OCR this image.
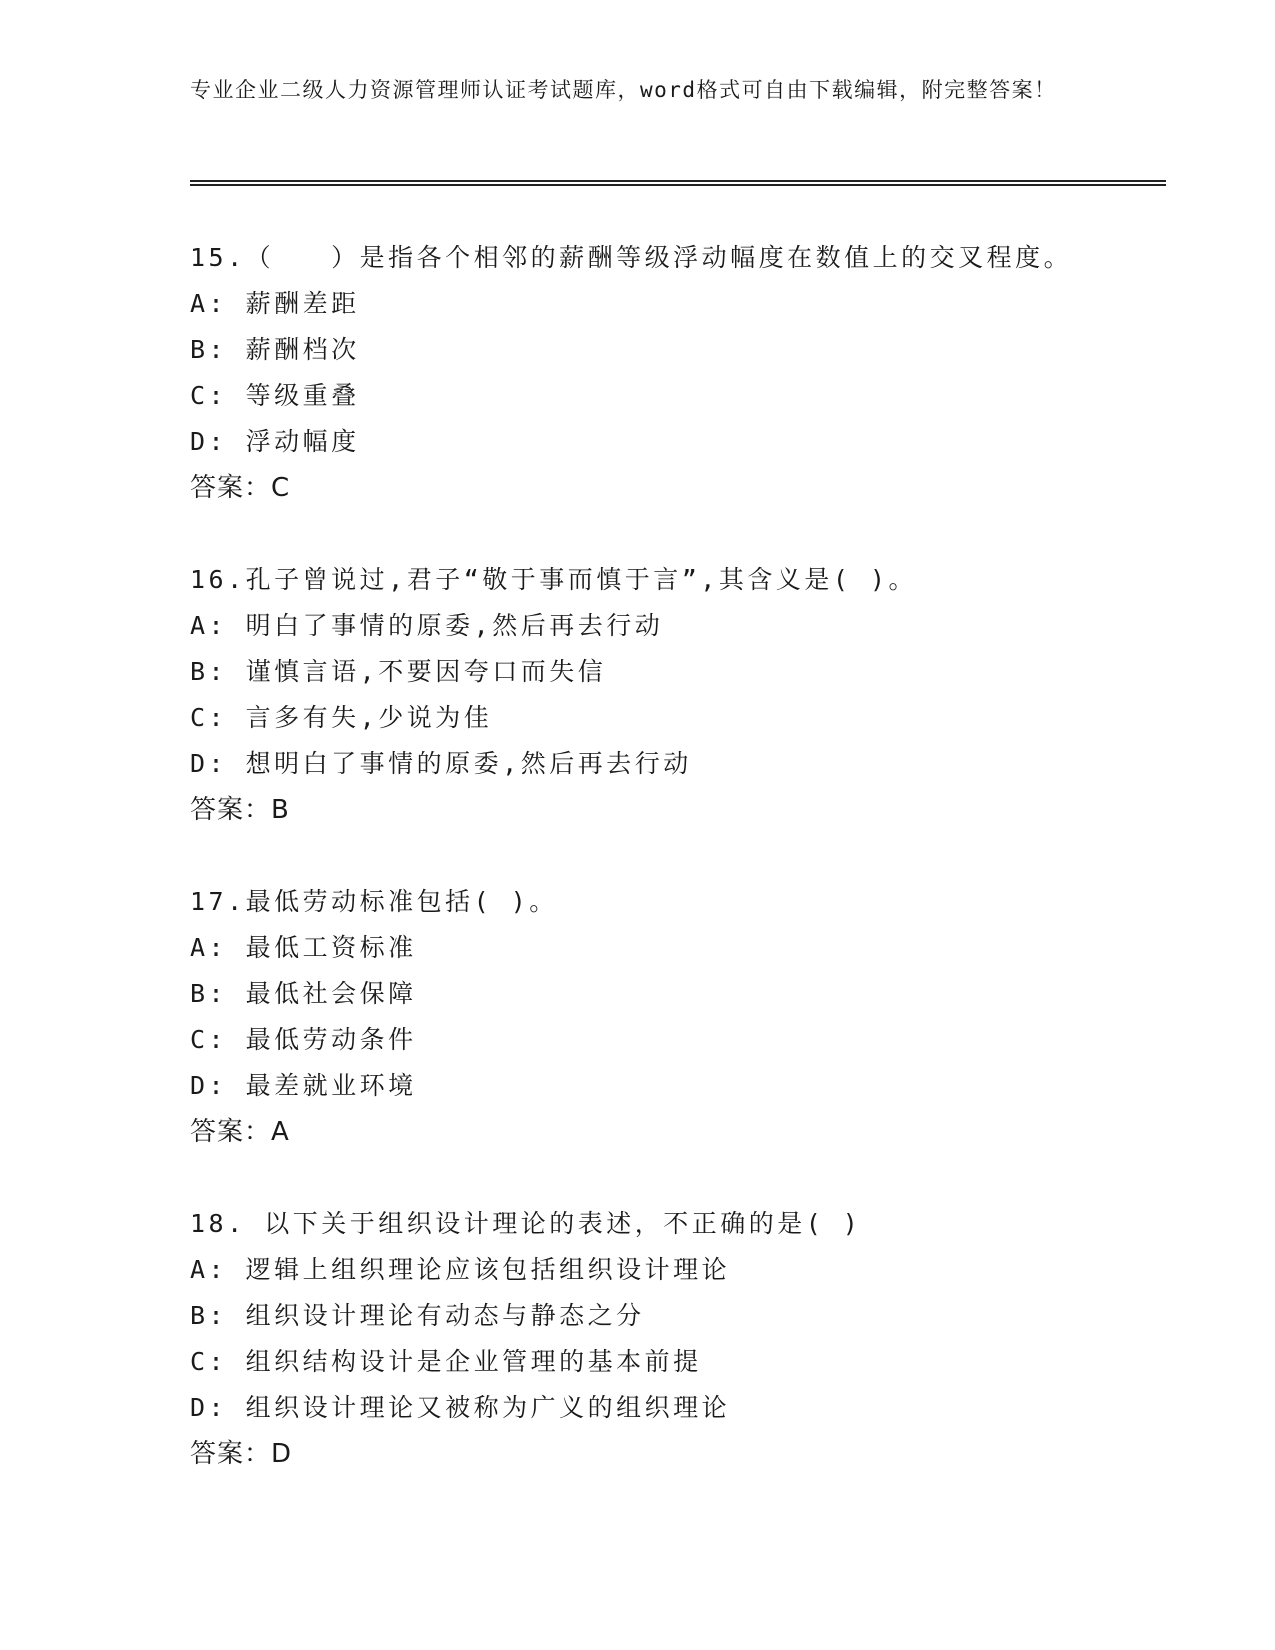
专业企业二级人力资源管理师认证考试题库，word格式可自由下载编辑，附完整答案！
15.（　　）是指各个相邻的薪酬等级浮动幅度在数值上的交叉程度。
A: 薪酬差距
B: 薪酬档次
C: 等级重叠
D: 浮动幅度
答案：C
16.孔子曾说过,君子“敬于事而慎于言”,其含义是( )。
A: 明白了事情的原委,然后再去行动
B: 谨慎言语,不要因夸口而失信
C: 言多有失,少说为佳
D: 想明白了事情的原委,然后再去行动
答案：B
17.最低劳动标准包括( )。
A: 最低工资标准
B: 最低社会保障
C: 最低劳动条件
D: 最差就业环境
答案：A
18. 以下关于组织设计理论的表述，不正确的是( )
A: 逻辑上组织理论应该包括组织设计理论
B: 组织设计理论有动态与静态之分
C: 组织结构设计是企业管理的基本前提
D: 组织设计理论又被称为广义的组织理论
答案：D
